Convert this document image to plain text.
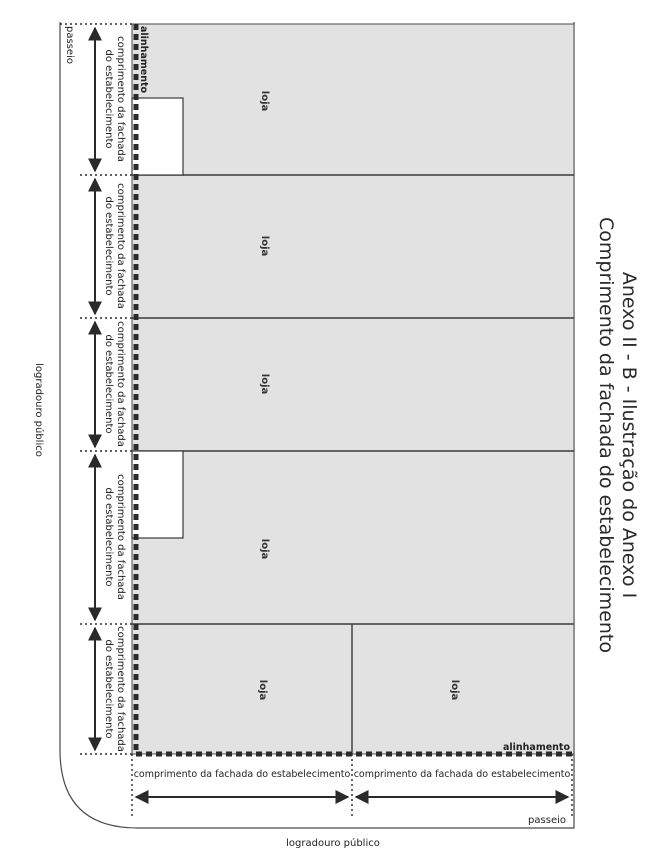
loja
loja
loja
loja
loja	loja
alinhamento
alinhamento
comprimento da fachada
do estabelecimento
comprimento da fachada
do estabelecimento
comprimento da fachada
do estabelecimento
comprimento da fachada
do estabelecimento
comprimento da fachada
do estabelecimento
comprimento da fachada do estabelecimento comprimento da fachada do estabelecimento
passeio
passeio
logradouro público
logradouro público
Anexo II - B - Ilustração do Anexo I
Comprimento da fachada do estabelecimento
